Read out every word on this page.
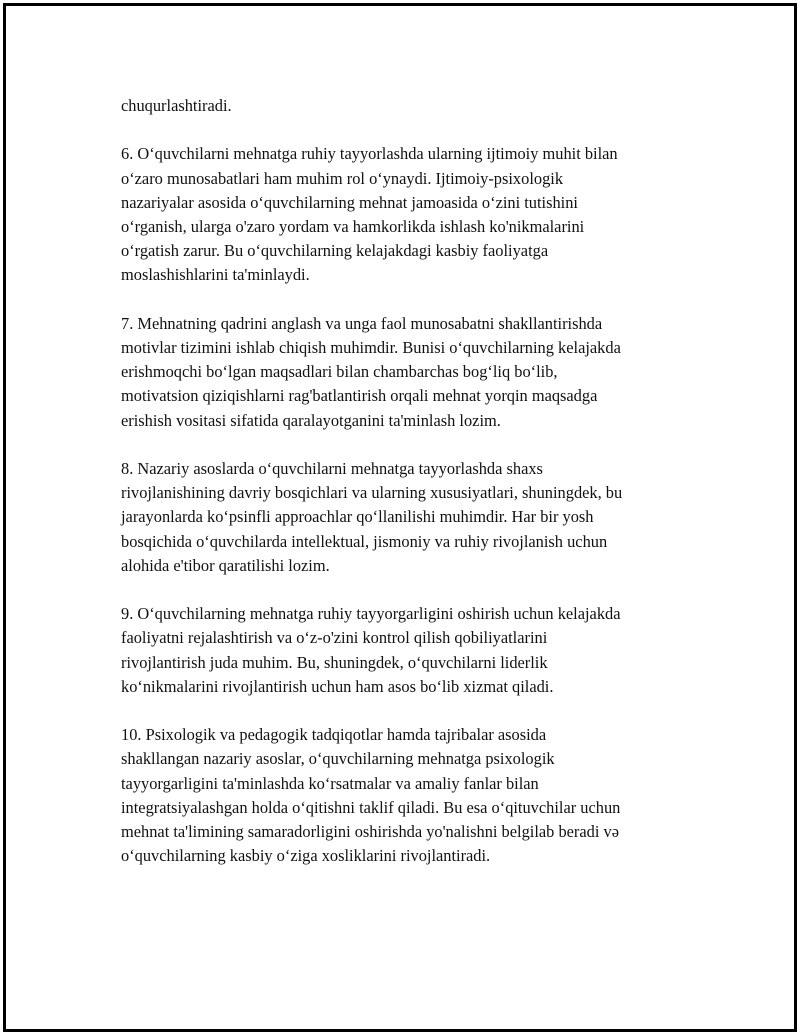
chuqurlashtiradi.

6. O‘quvchilarni mehnatga ruhiy tayyorlashda ularning ijtimoiy muhit bilan
o‘zaro munosabatlari ham muhim rol o‘ynaydi. Ijtimoiy-psixologik
nazariyalar asosida o‘quvchilarning mehnat jamoasida o‘zini tutishini
o‘rganish, ularga o'zaro yordam va hamkorlikda ishlash ko'nikmalarini
o‘rgatish zarur. Bu o‘quvchilarning kelajakdagi kasbiy faoliyatga
moslashishlarini ta'minlaydi.

7. Mehnatning qadrini anglash va unga faol munosabatni shakllantirishda
motivlar tizimini ishlab chiqish muhimdir. Bunisi o‘quvchilarning kelajakda
erishmoqchi bo‘lgan maqsadlari bilan chambarchas bog‘liq bo‘lib,
motivatsion qiziqishlarni rag'batlantirish orqali mehnat yorqin maqsadga
erishish vositasi sifatida qaralayotganini ta'minlash lozim.

8. Nazariy asoslarda o‘quvchilarni mehnatga tayyorlashda shaxs
rivojlanishining davriy bosqichlari va ularning xususiyatlari, shuningdek, bu
jarayonlarda ko‘psinfli approachlar qo‘llanilishi muhimdir. Har bir yosh
bosqichida o‘quvchilarda intellektual, jismoniy va ruhiy rivojlanish uchun
alohida e'tibor qaratilishi lozim.

9. O‘quvchilarning mehnatga ruhiy tayyorgarligini oshirish uchun kelajakda
faoliyatni rejalashtirish va o‘z-o'zini kontrol qilish qobiliyatlarini
rivojlantirish juda muhim. Bu, shuningdek, o‘quvchilarni liderlik
ko‘nikmalarini rivojlantirish uchun ham asos bo‘lib xizmat qiladi.

10. Psixologik va pedagogik tadqiqotlar hamda tajribalar asosida
shakllangan nazariy asoslar, o‘quvchilarning mehnatga psixologik
tayyorgarligini ta'minlashda ko‘rsatmalar va amaliy fanlar bilan
integratsiyalashgan holda o‘qitishni taklif qiladi. Bu esa o‘qituvchilar uchun
mehnat ta'limining samaradorligini oshirishda yo'nalishni belgilab beradi və
o‘quvchilarning kasbiy o‘ziga xosliklarini rivojlantiradi.
